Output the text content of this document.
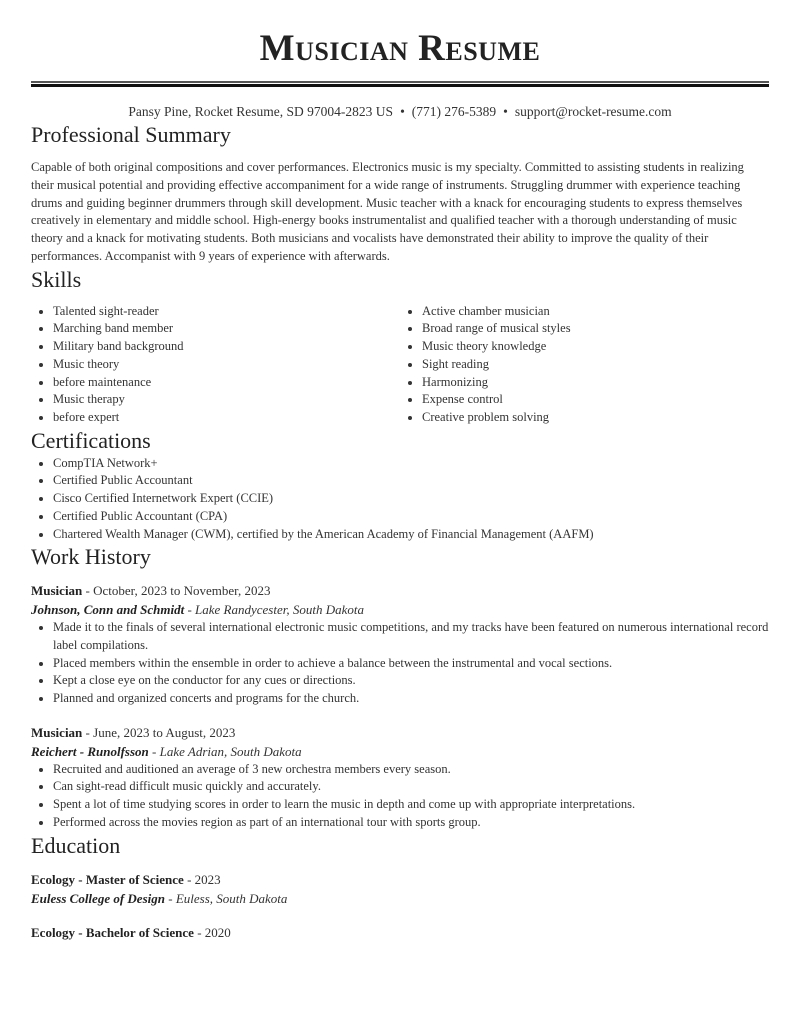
Musician Resume
Pansy Pine, Rocket Resume, SD 97004-2823 US • (771) 276-5389 • support@rocket-resume.com
Professional Summary

Capable of both original compositions and cover performances. Electronics music is my specialty. Committed to assisting students in realizing their musical potential and providing effective accompaniment for a wide range of instruments. Struggling drummer with experience teaching drums and guiding beginner drummers through skill development. Music teacher with a knack for encouraging students to express themselves creatively in elementary and middle school. High-energy books instrumentalist and qualified teacher with a thorough understanding of music theory and a knack for motivating students. Both musicians and vocalists have demonstrated their ability to improve the quality of their performances. Accompanist with 9 years of experience with afterwards.

Skills
• Talented sight-reader
• Marching band member
• Military band background
• Music theory
• before maintenance
• Music therapy
• before expert
• Active chamber musician
• Broad range of musical styles
• Music theory knowledge
• Sight reading
• Harmonizing
• Expense control
• Creative problem solving
Certifications
• CompTIA Network+
• Certified Public Accountant
• Cisco Certified Internetwork Expert (CCIE)
• Certified Public Accountant (CPA)
• Chartered Wealth Manager (CWM), certified by the American Academy of Financial Management (AAFM)
Work History
Musician - October, 2023 to November, 2023
Johnson, Conn and Schmidt - Lake Randycester, South Dakota
• Made it to the finals of several international electronic music competitions, and my tracks have been featured on numerous international record label compilations.
• Placed members within the ensemble in order to achieve a balance between the instrumental and vocal sections.
• Kept a close eye on the conductor for any cues or directions.
• Planned and organized concerts and programs for the church.
Musician - June, 2023 to August, 2023
Reichert - Runolfsson - Lake Adrian, South Dakota
• Recruited and auditioned an average of 3 new orchestra members every season.
• Can sight-read difficult music quickly and accurately.
• Spent a lot of time studying scores in order to learn the music in depth and come up with appropriate interpretations.
• Performed across the movies region as part of an international tour with sports group.
Education
Ecology - Master of Science - 2023
Euless College of Design - Euless, South Dakota
Ecology - Bachelor of Science - 2020
